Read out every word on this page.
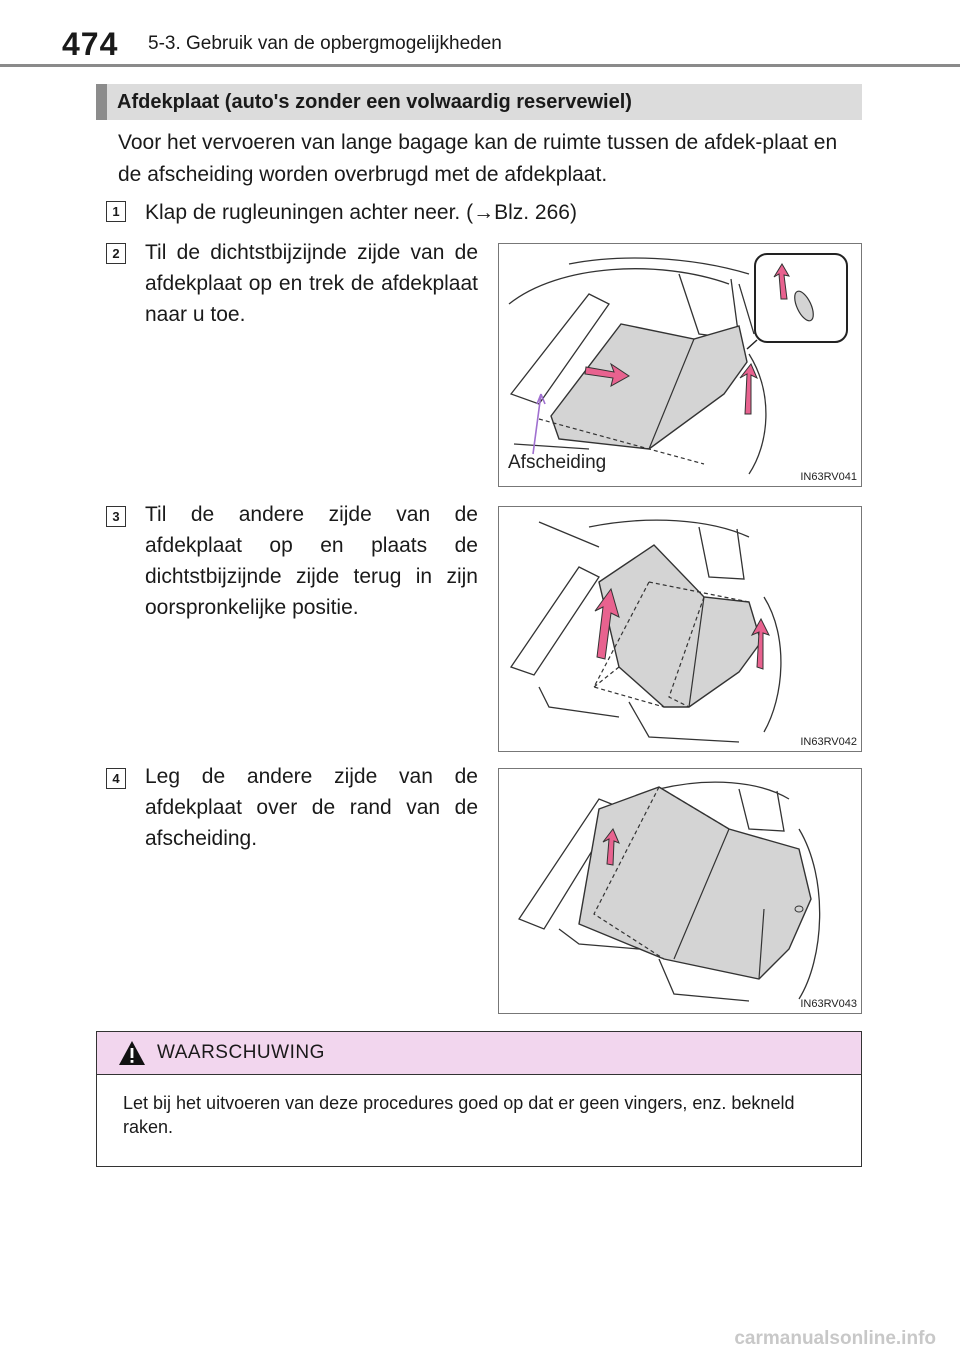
474 5-3. Gebruik van de opbergmogelijkheden
Afdekplaat (auto's zonder een volwaardig reservewiel)
Voor het vervoeren van lange bagage kan de ruimte tussen de afdek-plaat en de afscheiding worden overbrugd met de afdekplaat.
1	Klap de rugleuningen achter neer. (→Blz. 266)
2	Til de dichtstbijzijnde zijde van de afdekplaat op en trek de afdekplaat naar u toe.
Afscheiding
IN63RV041
3	Til de andere zijde van de afdekplaat op en plaats de dichtstbijzijnde zijde terug in zijn oorspronkelijke positie.
IN63RV042
4	Leg de andere zijde van de afdekplaat over de rand van de afscheiding.
IN63RV043
WAARSCHUWING
Let bij het uitvoeren van deze procedures goed op dat er geen vingers, enz. bekneld raken.
carmanualsonline.info
